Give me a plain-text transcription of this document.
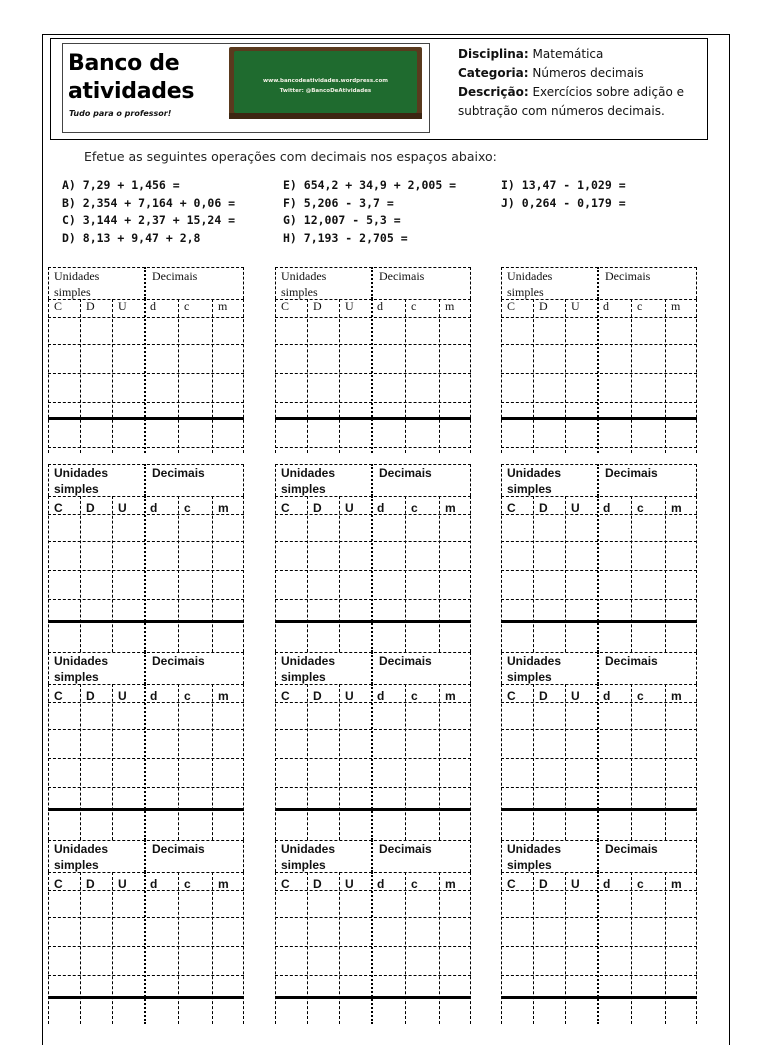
Banco de
atividades
Tudo para o professor!
www.bancodeatividades.wordpress.com
Twitter: @BancoDeAtividades
Disciplina: Matemática
Categoria: Números decimais
Descrição: Exercícios sobre adição e subtração com números decimais.
Efetue as seguintes operações com decimais nos espaços abaixo:
A) 7,29 + 1,456 =
B) 2,354 + 7,164 + 0,06 =
C) 3,144 + 2,37 + 15,24 =
D) 8,13 + 9,47 + 2,8
E) 654,2 + 34,9 + 2,005 =
F) 5,206 - 3,7 =
G) 12,007 - 5,3 =
H) 7,193 - 2,705 =
I) 13,47 - 1,029 =
J) 0,264 - 0,179 =
Unidades
simples
Decimais
C D U d c m
Unidades
simples
Decimais
C D U d c m
Unidades
simples
Decimais
C D U d c m
Unidades
simples
Decimais
C D U d c m
Unidades
simples
Decimais
C D U d c m
Unidades
simples
Decimais
C D U d c m
Unidades
simples
Decimais
C D U d c m
Unidades
simples
Decimais
C D U d c m
Unidades
simples
Decimais
C D U d c m
Unidades
simples
Decimais
C D U d c m
Unidades
simples
Decimais
C D U d c m
Unidades
simples
Decimais
C D U d c m
